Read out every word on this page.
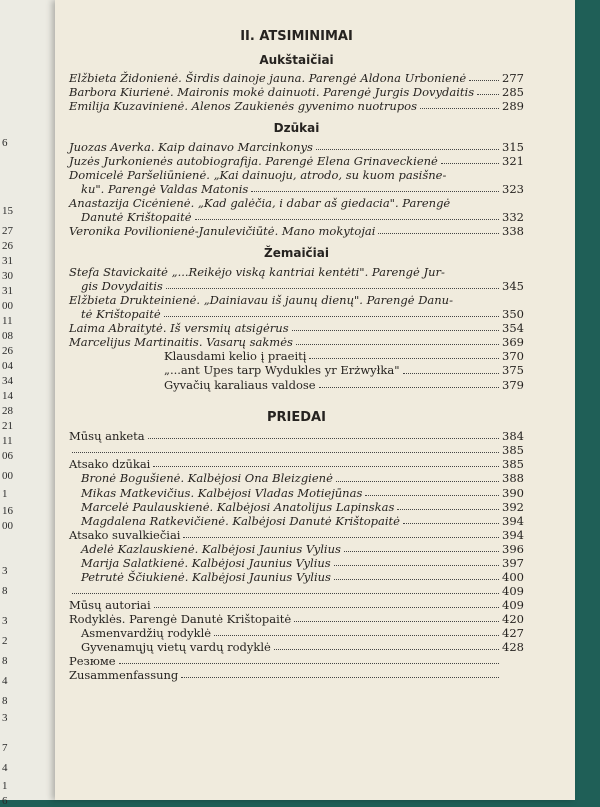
6
15
27
26
31
30
31
00
11
08
26
04
34
14
28
21
11
06
00
1
16
00
3
8
3
2
8
4
8
3
7
4
1
6
II. ATSIMINIMAI
Aukštaičiai
Elžbieta Židonienė. Širdis dainoje jauna. Parengė Aldona Urbonienė	277
Barbora Kiurienė. Maironis mokė dainuoti. Parengė Jurgis Dovydaitis 285
Emilija Kuzavinienė. Alenos Zaukienės gyvenimo nuotrupos	289
Dzūkai
Juozas Averka. Kaip dainavo Marcinkonys	315
Juzės Jurkonienės autobiografija. Parengė Elena Grinaveckienė	321
Domicelė Paršeliūnienė. „Kai dainuoju, atrodo, su kuom pasišne-
ku". Parengė Valdas Matonis	323
Anastazija Cicėnienė. „Kad galėčia, i dabar aš giedacia". Parengė
Danutė Krištopaitė	332
Veronika Povilionienė-Janulevičiūtė. Mano mokytojai	338
Žemaičiai
Stefa Stavickaitė „...Reikėjo viską kantriai kentėti". Parengė Jur-
gis Dovydaitis	345
Elžbieta Drukteinienė. „Dainiavau iš jaunų dienų". Parengė Danu-
tė Krištopaitė	350
Laima Abraitytė. Iš versmių atsigėrus	354
Marcelijus Martinaitis. Vasarų sakmės	369
Klausdami kelio į praeitį	370
„...ant Upes tarp Wydukles yr Erżwyłka"	375
Gyvačių karaliaus valdose	379
PRIEDAI
Mūsų anketa	384
385
Atsako dzūkai	385
Bronė Bogušienė. Kalbėjosi Ona Bleizgienė	388
Mikas Matkevičius. Kalbėjosi Vladas Motiejūnas	390
Marcelė Paulauskienė. Kalbėjosi Anatolijus Lapinskas	392
Magdalena Ratkevičienė. Kalbėjosi Danutė Krištopaitė	394
Atsako suvalkiečiai	394
Adelė Kazlauskienė. Kalbėjosi Jaunius Vylius	396
Marija Salatkienė. Kalbėjosi Jaunius Vylius	397
Petrutė Ščiukienė. Kalbėjosi Jaunius Vylius	400
409
Mūsų autoriai	409
Rodyklės. Parengė Danutė Krištopaitė	420
Asmenvardžių rodyklė	427
Gyvenamųjų vietų vardų rodyklė	428
Резюме
Zusammenfassung
